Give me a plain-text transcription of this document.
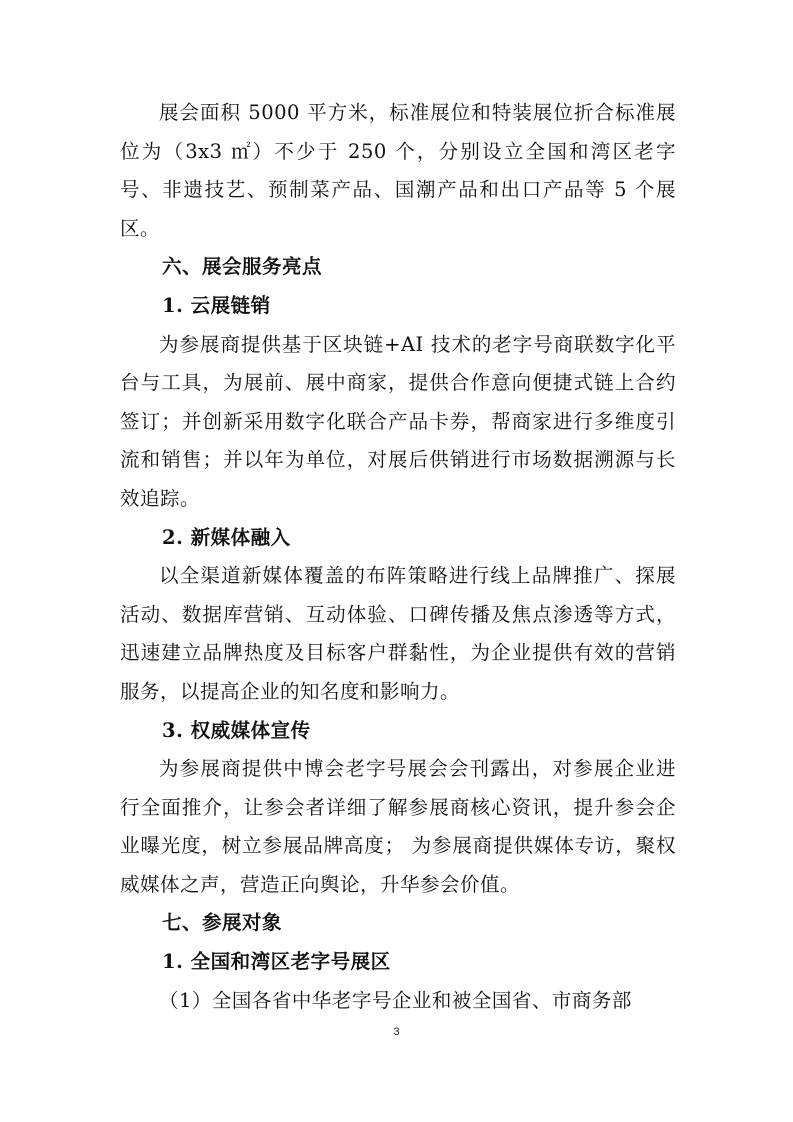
展会面积 5000 平方米，标准展位和特装展位折合标准展位为（3x3 ㎡）不少于 250 个，分别设立全国和湾区老字号、非遗技艺、预制菜产品、国潮产品和出口产品等 5 个展区。

六、展会服务亮点

1. 云展链销

为参展商提供基于区块链+AI 技术的老字号商联数字化平台与工具，为展前、展中商家，提供合作意向便捷式链上合约签订；并创新采用数字化联合产品卡券，帮商家进行多维度引流和销售；并以年为单位，对展后供销进行市场数据溯源与长效追踪。

2. 新媒体融入

以全渠道新媒体覆盖的布阵策略进行线上品牌推广、探展活动、数据库营销、互动体验、口碑传播及焦点渗透等方式，迅速建立品牌热度及目标客户群黏性，为企业提供有效的营销服务，以提高企业的知名度和影响力。

3. 权威媒体宣传

为参展商提供中博会老字号展会会刊露出，对参展企业进行全面推介，让参会者详细了解参展商核心资讯，提升参会企业曝光度，树立参展品牌高度； 为参展商提供媒体专访，聚权威媒体之声，营造正向舆论，升华参会价值。

七、参展对象

1. 全国和湾区老字号展区

（1）全国各省中华老字号企业和被全国省、市商务部

3
